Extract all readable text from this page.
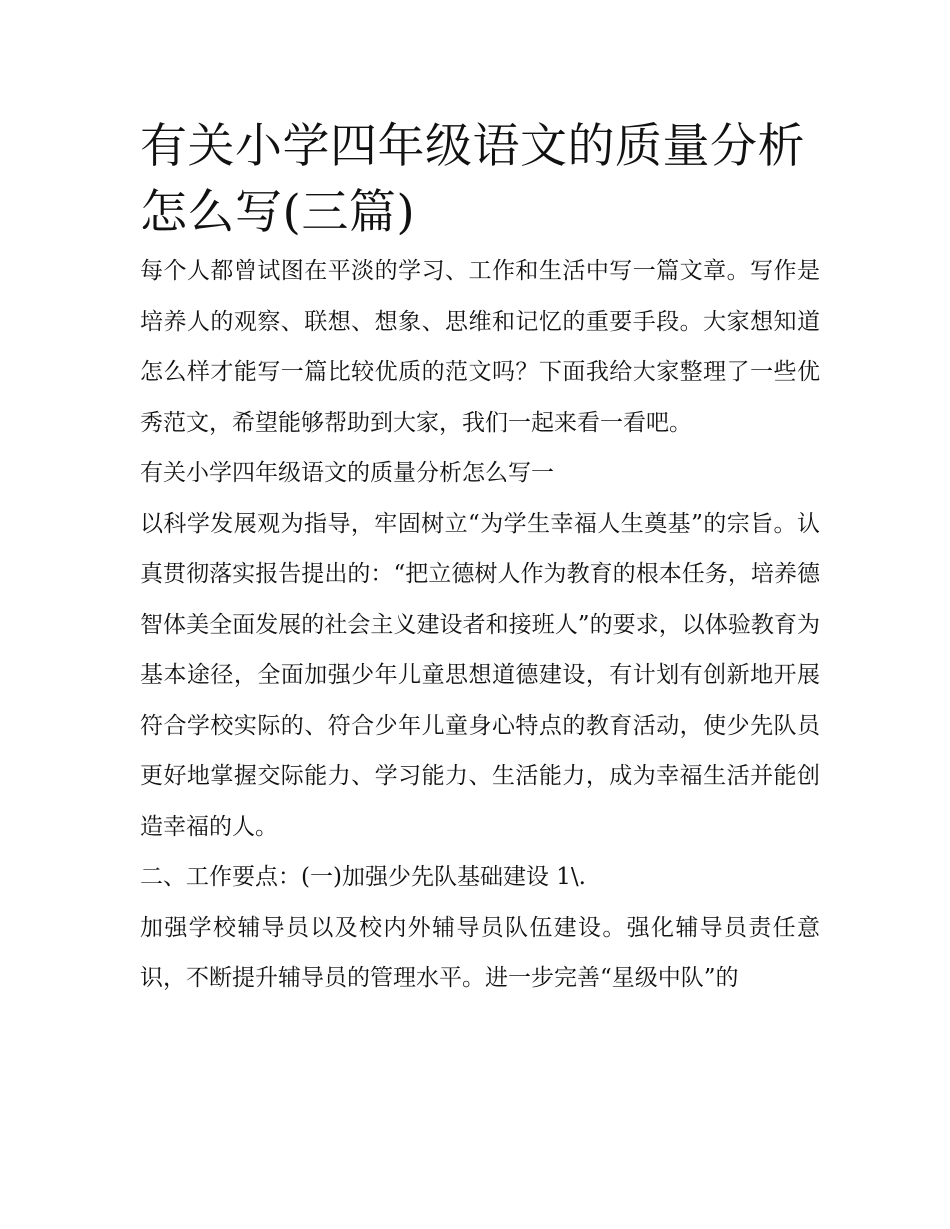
有关小学四年级语文的质量分析怎么写(三篇)

每个人都曾试图在平淡的学习、工作和生活中写一篇文章。写作是培养人的观察、联想、想象、思维和记忆的重要手段。大家想知道怎么样才能写一篇比较优质的范文吗？下面我给大家整理了一些优秀范文，希望能够帮助到大家，我们一起来看一看吧。

有关小学四年级语文的质量分析怎么写一

以科学发展观为指导，牢固树立“为学生幸福人生奠基”的宗旨。认真贯彻落实报告提出的：“把立德树人作为教育的根本任务，培养德智体美全面发展的社会主义建设者和接班人”的要求，以体验教育为基本途径，全面加强少年儿童思想道德建设，有计划有创新地开展符合学校实际的、符合少年儿童身心特点的教育活动，使少先队员更好地掌握交际能力、学习能力、生活能力，成为幸福生活并能创造幸福的人。

二、工作要点：(一)加强少先队基础建设 1\.

加强学校辅导员以及校内外辅导员队伍建设。强化辅导员责任意识，不断提升辅导员的管理水平。进一步完善“星级中队”的
